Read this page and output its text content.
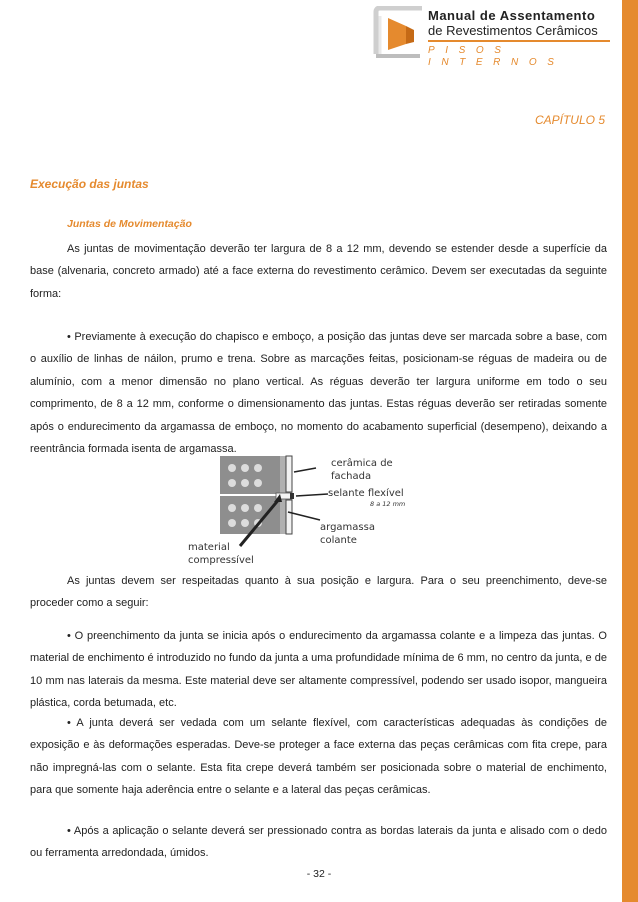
Manual de Assentamento
de Revestimentos Cerâmicos
PISOS INTERNOS
CAPÍTULO 5
Execução das juntas
Juntas de Movimentação

As juntas de movimentação deverão ter largura de 8 a 12 mm, devendo se estender desde a superfície da base (alvenaria, concreto armado) até a face externa do revestimento cerâmico. Devem ser executadas da seguinte forma:

• Previamente à execução do chapisco e emboço, a posição das juntas deve ser marcada sobre a base, com o auxílio de linhas de náilon, prumo e trena. Sobre as marcações feitas, posicionam-se réguas de madeira ou de alumínio, com a menor dimensão no plano vertical. As réguas deverão ter largura uniforme em todo o seu comprimento, de 8 a 12 mm, conforme o dimensionamento das juntas. Estas réguas deverão ser retiradas somente após o endurecimento da argamassa de emboço, no momento do acabamento superficial (desempeno), deixando a reentrância formada isenta de argamassa.

cerâmica de
fachada
selante flexível
8 a 12 mm
argamassa
colante
material
compressível

As juntas devem ser respeitadas quanto à sua posição e largura. Para o seu preenchimento, deve-se proceder como a seguir:

• O preenchimento da junta se inicia após o endurecimento da argamassa colante e a limpeza das juntas. O material de enchimento é introduzido no fundo da junta a uma profundidade mínima de 6 mm, no centro da junta, e de 10 mm nas laterais da mesma. Este material deve ser altamente compressível, podendo ser usado isopor, mangueira plástica, corda betumada, etc.

• A junta deverá ser vedada com um selante flexível, com características adequadas às condições de exposição e às deformações esperadas. Deve-se proteger a face externa das peças cerâmicas com fita crepe, para não impregná-las com o selante. Esta fita crepe deverá também ser posicionada sobre o material de enchimento, para que somente haja aderência entre o selante e a lateral das peças cerâmicas.

• Após a aplicação o selante deverá ser pressionado contra as bordas laterais da junta e alisado com o dedo ou ferramenta arredondada, úmidos.

- 32 -
